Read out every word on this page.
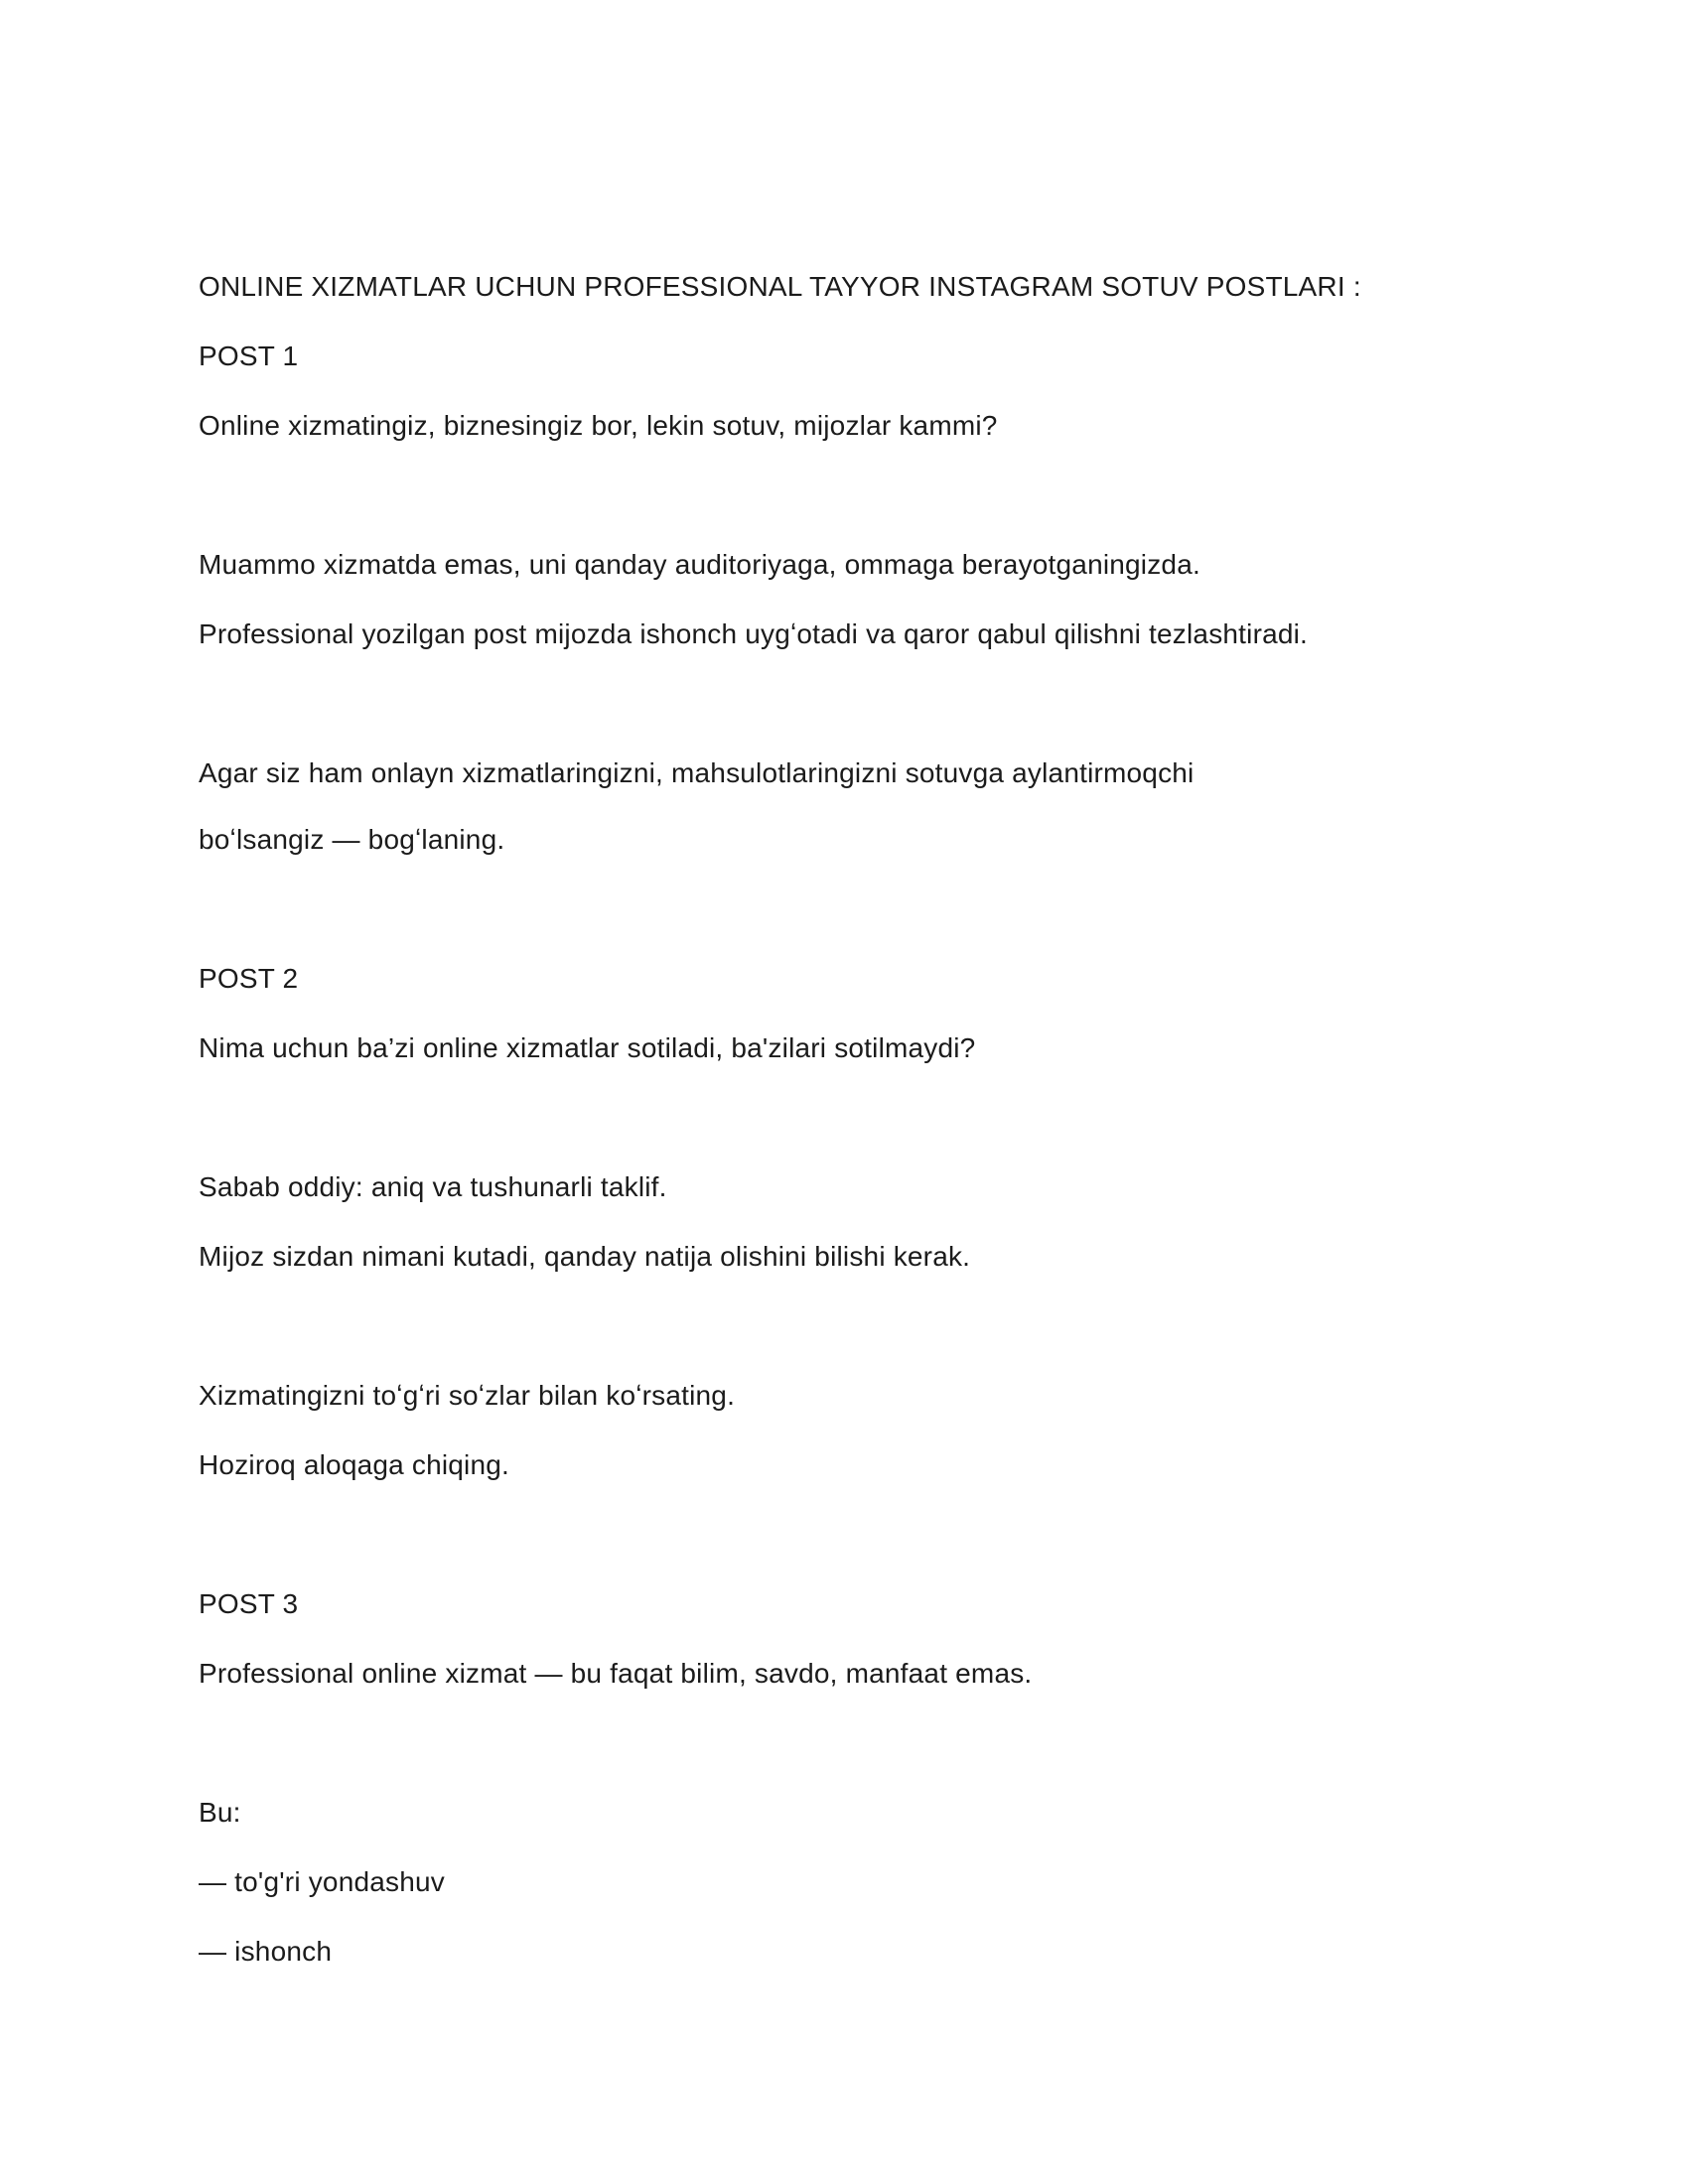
ONLINE XIZMATLAR UCHUN PROFESSIONAL TAYYOR INSTAGRAM SOTUV POSTLARI :
POST 1
Online xizmatingiz, biznesingiz bor, lekin sotuv, mijozlar kammi?
Muammo xizmatda emas, uni qanday auditoriyaga, ommaga berayotganingizda.
Professional yozilgan post mijozda ishonch uygʻotadi va qaror qabul qilishni tezlashtiradi.
Agar siz ham onlayn xizmatlaringizni, mahsulotlaringizni sotuvga aylantirmoqchi
boʻlsangiz — bogʻlaning.
POST 2
Nima uchun ba’zi online xizmatlar sotiladi, ba'zilari sotilmaydi?
Sabab oddiy: aniq va tushunarli taklif.
Mijoz sizdan nimani kutadi, qanday natija olishini bilishi kerak.
Xizmatingizni toʻgʻri soʻzlar bilan koʻrsating.
Hoziroq aloqaga chiqing.
POST 3
Professional online xizmat — bu faqat bilim, savdo, manfaat emas.
Bu:
— to'g'ri yondashuv
— ishonch
